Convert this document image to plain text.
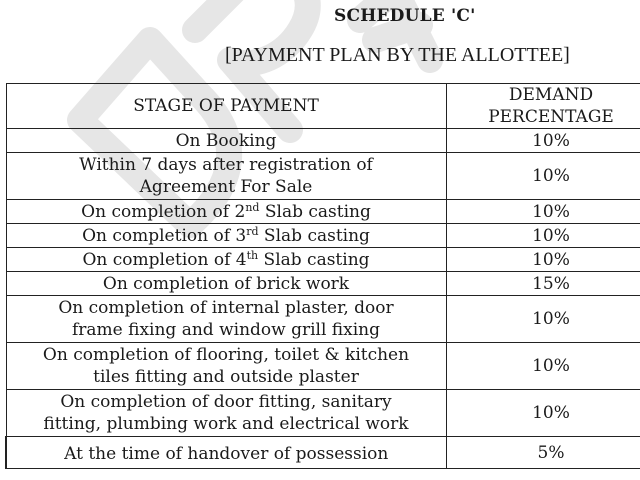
SCHEDULE 'C'
[PAYMENT PLAN BY THE ALLOTTEE]
STAGE OF PAYMENT	DEMAND
PERCENTAGE
On Booking	10%
Within 7 days after registration of
Agreement For Sale	10%
On completion of 2nd Slab casting	10%
On completion of 3rd Slab casting	10%
On completion of 4th Slab casting	10%
On completion of brick work	15%
On completion of internal plaster, door
frame fixing and window grill fixing	10%
On completion of flooring, toilet & kitchen
tiles fitting and outside plaster	10%
On completion of door fitting, sanitary
fitting, plumbing work and electrical work	10%
At the time of handover of possession	5%
